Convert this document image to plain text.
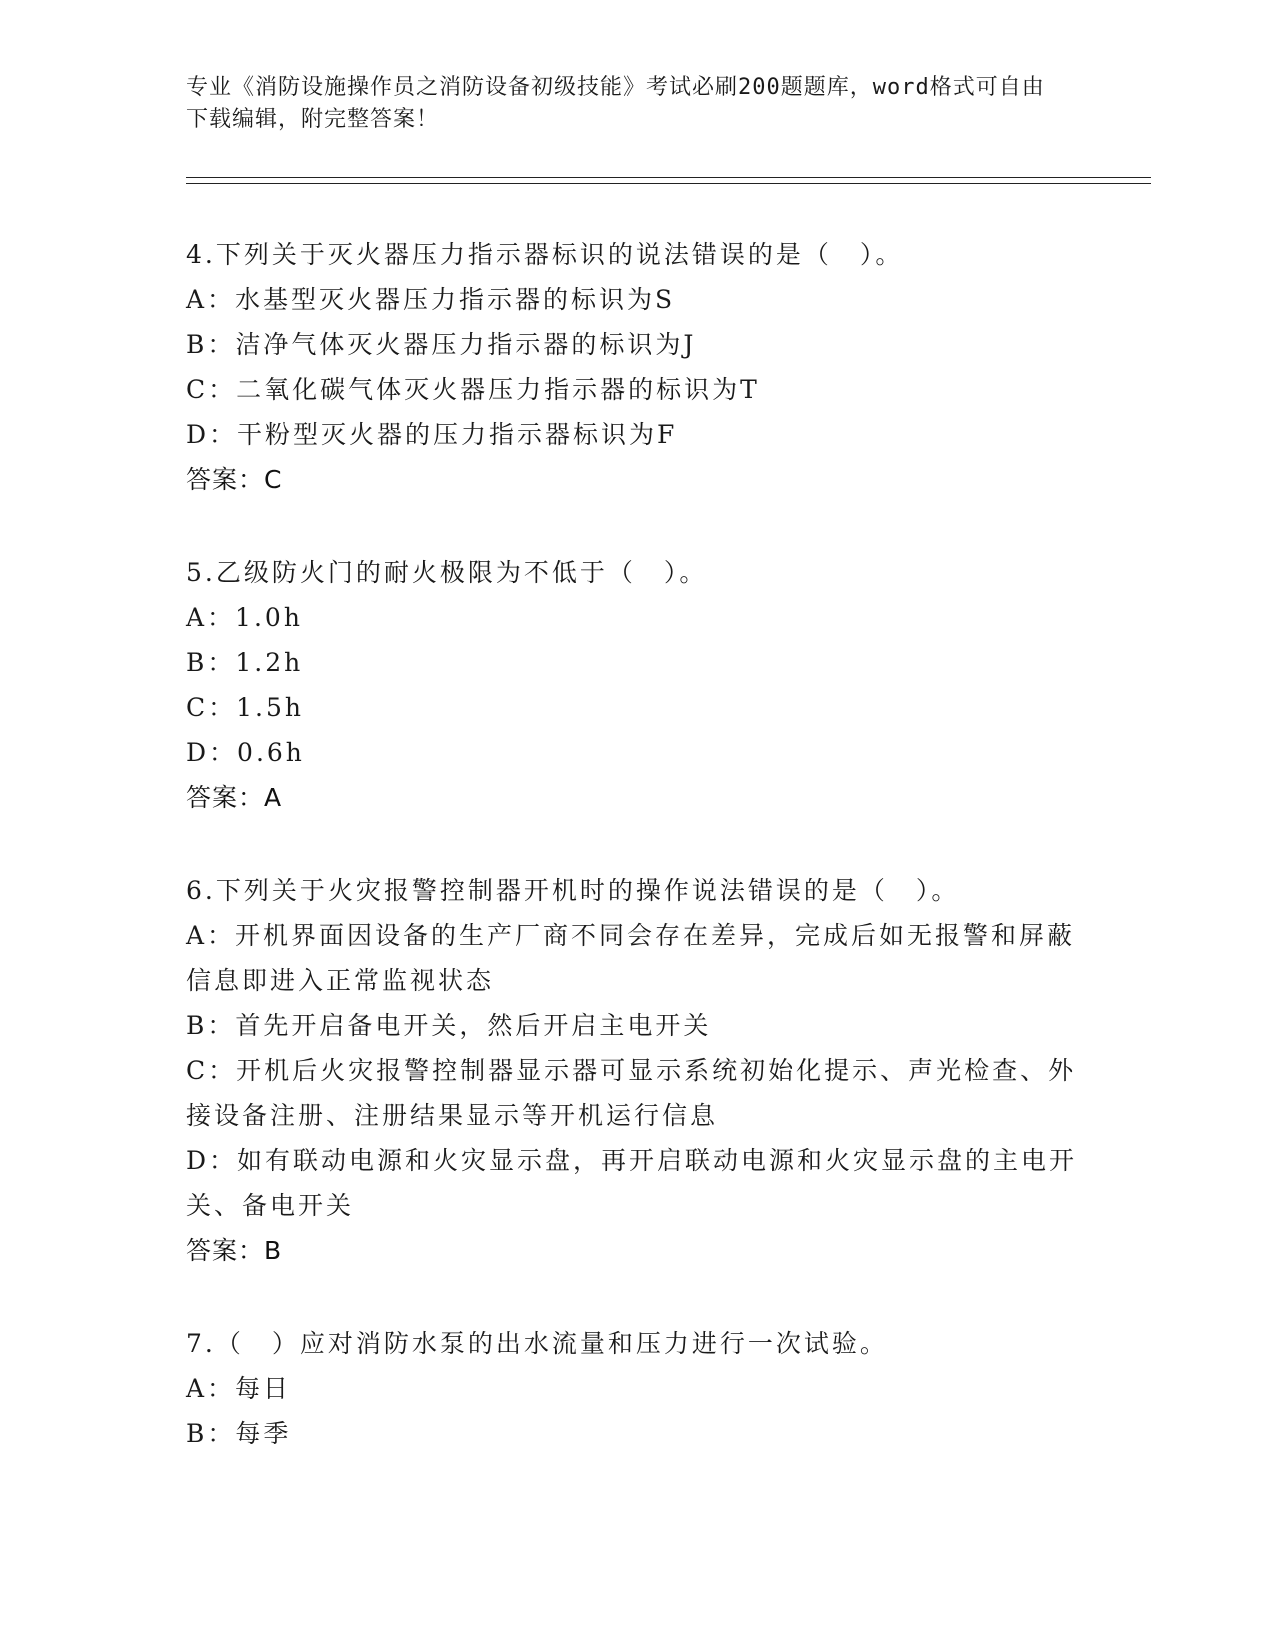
专业《消防设施操作员之消防设备初级技能》考试必刷200题题库，word格式可自由下载编辑，附完整答案！
4.下列关于灭火器压力指示器标识的说法错误的是（　）。
A：水基型灭火器压力指示器的标识为S
B：洁净气体灭火器压力指示器的标识为J
C：二氧化碳气体灭火器压力指示器的标识为T
D：干粉型灭火器的压力指示器标识为F
答案：C
5.乙级防火门的耐火极限为不低于（　）。
A：1.0h
B：1.2h
C：1.5h
D：0.6h
答案：A
6.下列关于火灾报警控制器开机时的操作说法错误的是（　）。
A：开机界面因设备的生产厂商不同会存在差异，完成后如无报警和屏蔽信息即进入正常监视状态
B：首先开启备电开关，然后开启主电开关
C：开机后火灾报警控制器显示器可显示系统初始化提示、声光检查、外接设备注册、注册结果显示等开机运行信息
D：如有联动电源和火灾显示盘，再开启联动电源和火灾显示盘的主电开关、备电开关
答案：B
7.（　）应对消防水泵的出水流量和压力进行一次试验。
A：每日
B：每季
